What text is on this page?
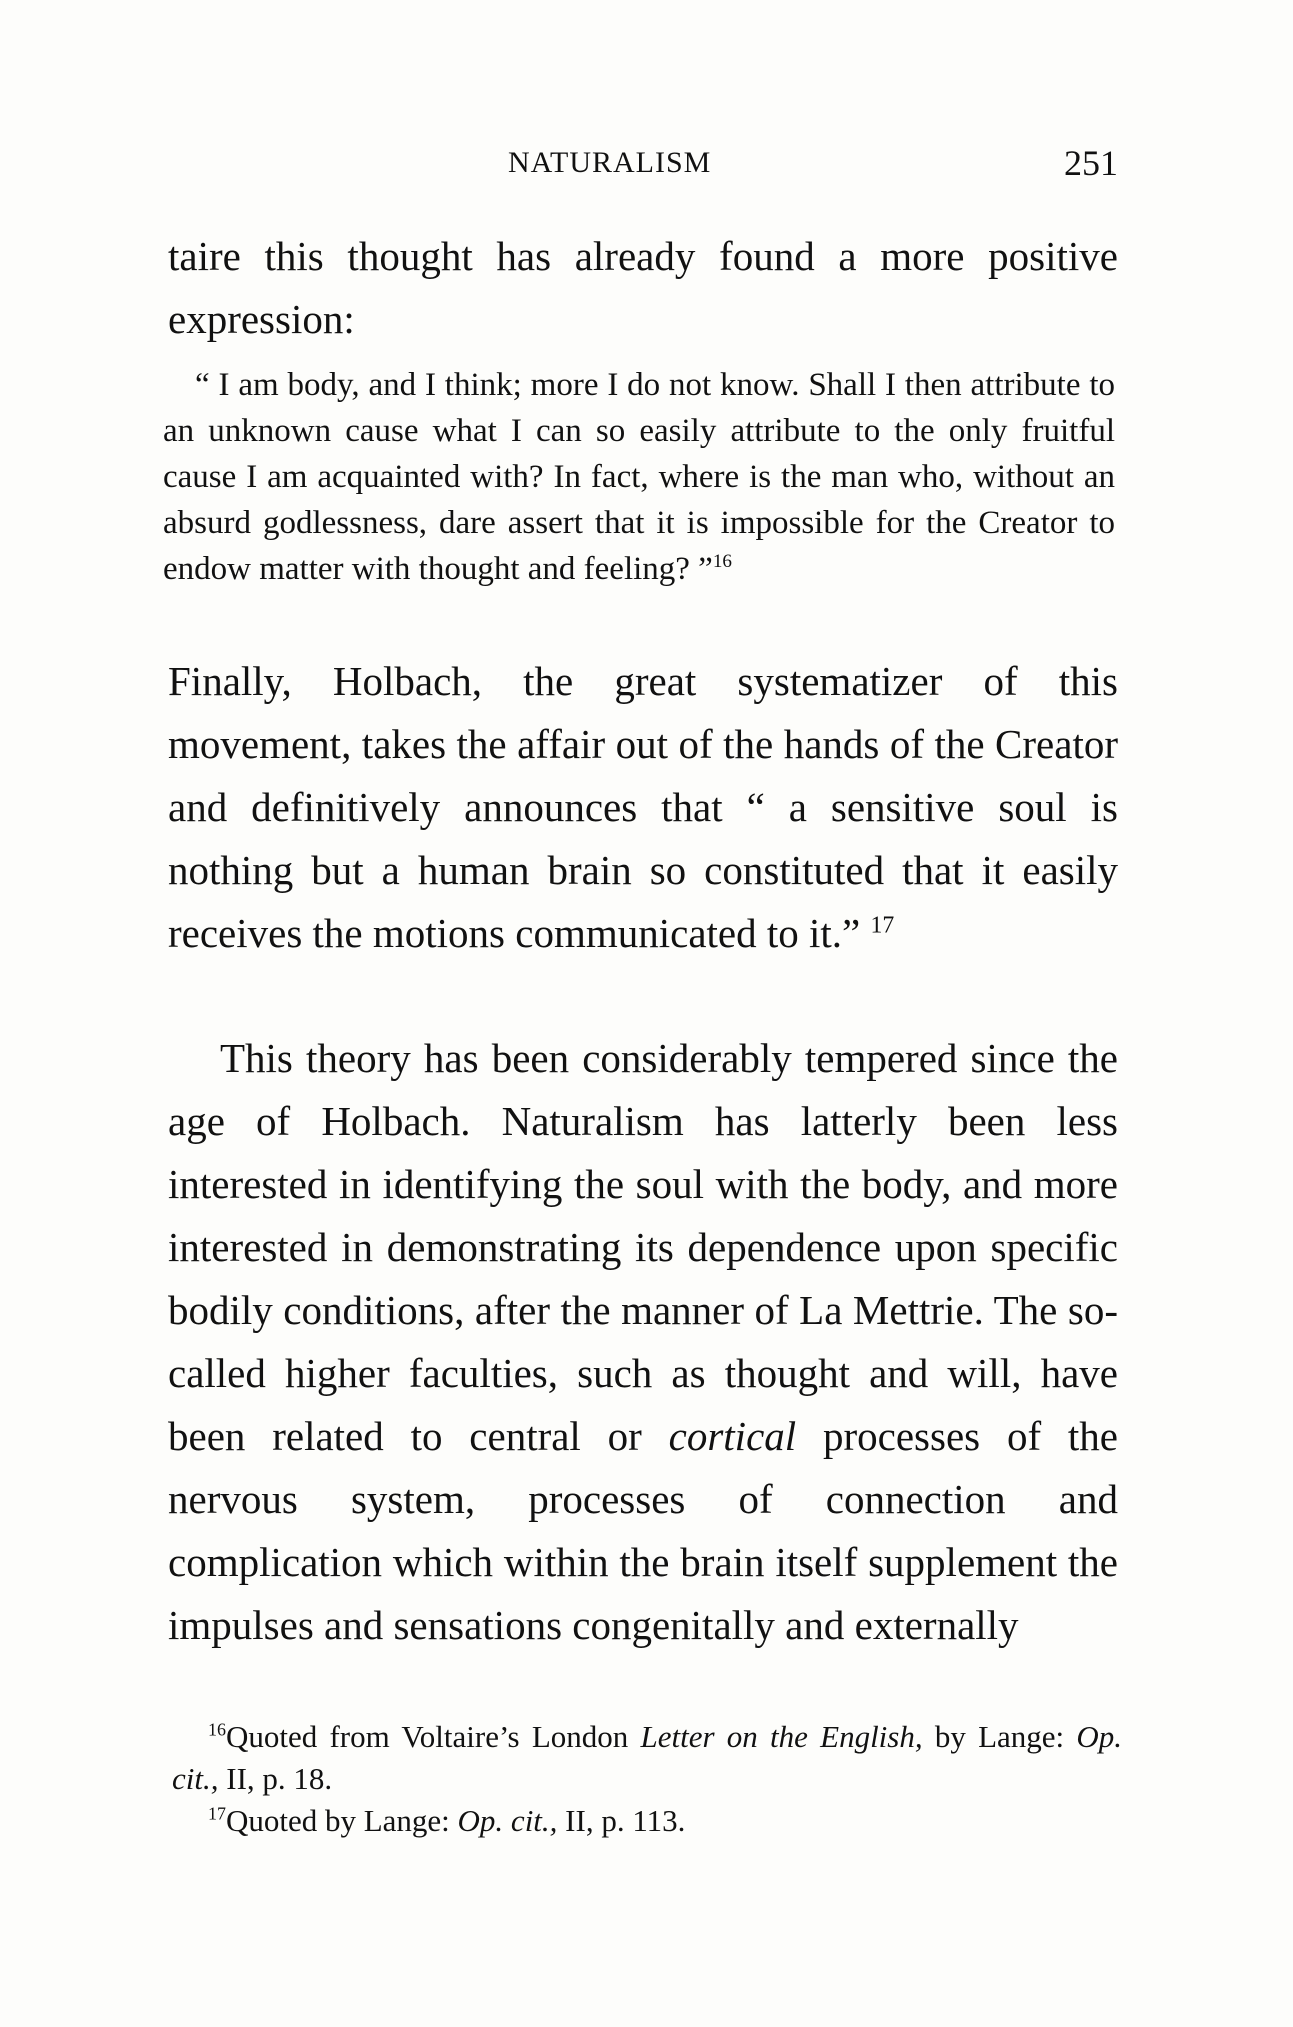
NATURALISM	251

taire this thought has already found a more positive expression:

“ I am body, and I think; more I do not know. Shall I then attribute to an unknown cause what I can so easily attribute to the only fruitful cause I am acquainted with? In fact, where is the man who, without an absurd godlessness, dare assert that it is impossible for the Creator to endow matter with thought and feeling? ”$^{16}$

Finally, Holbach, the great systematizer of this movement, takes the affair out of the hands of the Creator and definitively announces that “ a sensitive soul is nothing but a human brain so constituted that it easily receives the motions communicated to it.” $^{17}$

This theory has been considerably tempered since the age of Holbach. Naturalism has latterly been less interested in identifying the soul with the body, and more interested in demonstrating its dependence upon specific bodily conditions, after the manner of La Mettrie. The so-called higher faculties, such as thought and will, have been related to central or cortical processes of the nervous system, processes of connection and complication which within the brain itself supplement the impulses and sensations congenitally and externally

$^{16}$Quoted from Voltaire’s London Letter on the English, by Lange: Op. cit., II, p. 18.

$^{17}$Quoted by Lange: Op. cit., II, p. 113.
